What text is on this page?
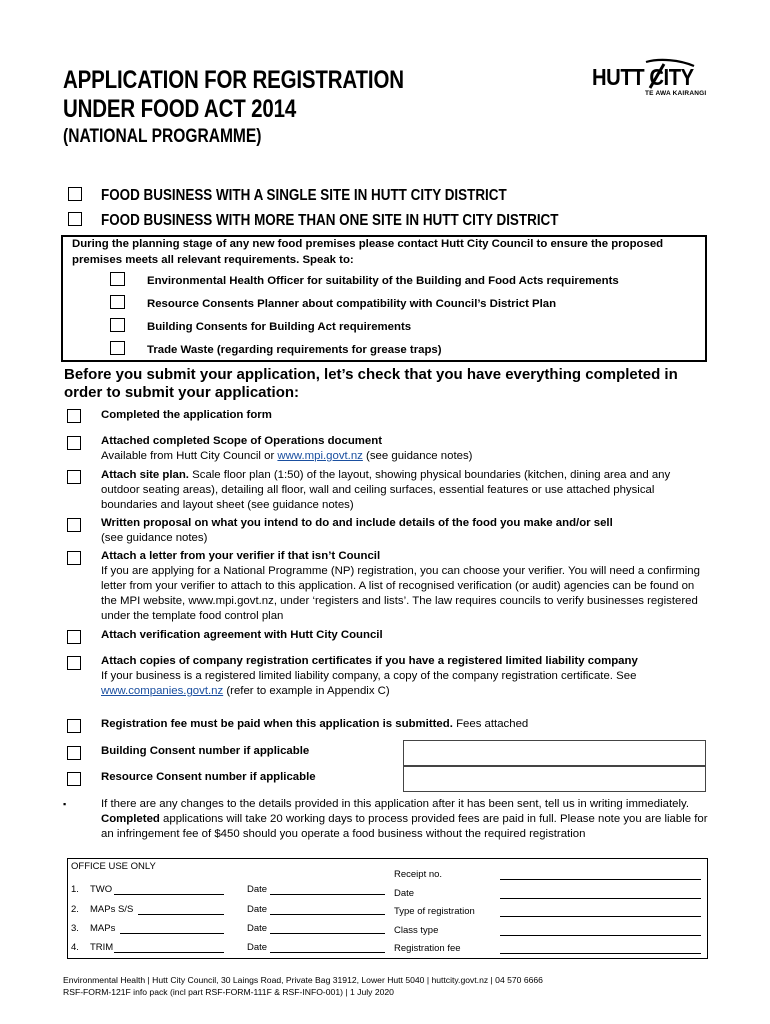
APPLICATION FOR REGISTRATION
UNDER FOOD ACT 2014
(NATIONAL PROGRAMME)
HUTT CITY
TE AWA KAIRANGI
FOOD BUSINESS WITH A SINGLE SITE IN HUTT CITY DISTRICT
FOOD BUSINESS WITH MORE THAN ONE SITE IN HUTT CITY DISTRICT
During the planning stage of any new food premises please contact Hutt City Council to ensure the proposed premises meets all relevant requirements. Speak to:
Environmental Health Officer for suitability of the Building and Food Acts requirements
Resource Consents Planner about compatibility with Council’s District Plan
Building Consents for Building Act requirements
Trade Waste (regarding requirements for grease traps)
Before you submit your application, let’s check that you have everything completed in order to submit your application:
Completed the application form
Attached completed Scope of Operations document
Available from Hutt City Council or www.mpi.govt.nz (see guidance notes)
Attach site plan. Scale floor plan (1:50) of the layout, showing physical boundaries (kitchen, dining area and any outdoor seating areas), detailing all floor, wall and ceiling surfaces, essential features or use attached physical boundaries and layout sheet (see guidance notes)
Written proposal on what you intend to do and include details of the food you make and/or sell
(see guidance notes)
Attach a letter from your verifier if that isn’t Council
If you are applying for a National Programme (NP) registration, you can choose your verifier. You will need a confirming letter from your verifier to attach to this application. A list of recognised verification (or audit) agencies can be found on the MPI website, www.mpi.govt.nz, under ‘registers and lists’. The law requires councils to verify businesses registered under the template food control plan
Attach verification agreement with Hutt City Council
Attach copies of company registration certificates if you have a registered limited liability company
If your business is a registered limited liability company, a copy of the company registration certificate. See www.companies.govt.nz (refer to example in Appendix C)
Registration fee must be paid when this application is submitted. Fees attached
Building Consent number if applicable
Resource Consent number if applicable
▪	If there are any changes to the details provided in this application after it has been sent, tell us in writing immediately. Completed applications will take 20 working days to process provided fees are paid in full. Please note you are liable for an infringement fee of $450 should you operate a food business without the required registration
OFFICE USE ONLY
1. TWO	Date
2. MAPs S/S	Date
3. MAPs	Date
4. TRIM	Date
Receipt no.
Date
Type of registration
Class type
Registration fee
Environmental Health | Hutt City Council, 30 Laings Road, Private Bag 31912, Lower Hutt 5040 | huttcity.govt.nz | 04 570 6666
RSF-FORM-121F info pack (incl part RSF-FORM-111F & RSF-INFO-001) | 1 July 2020
